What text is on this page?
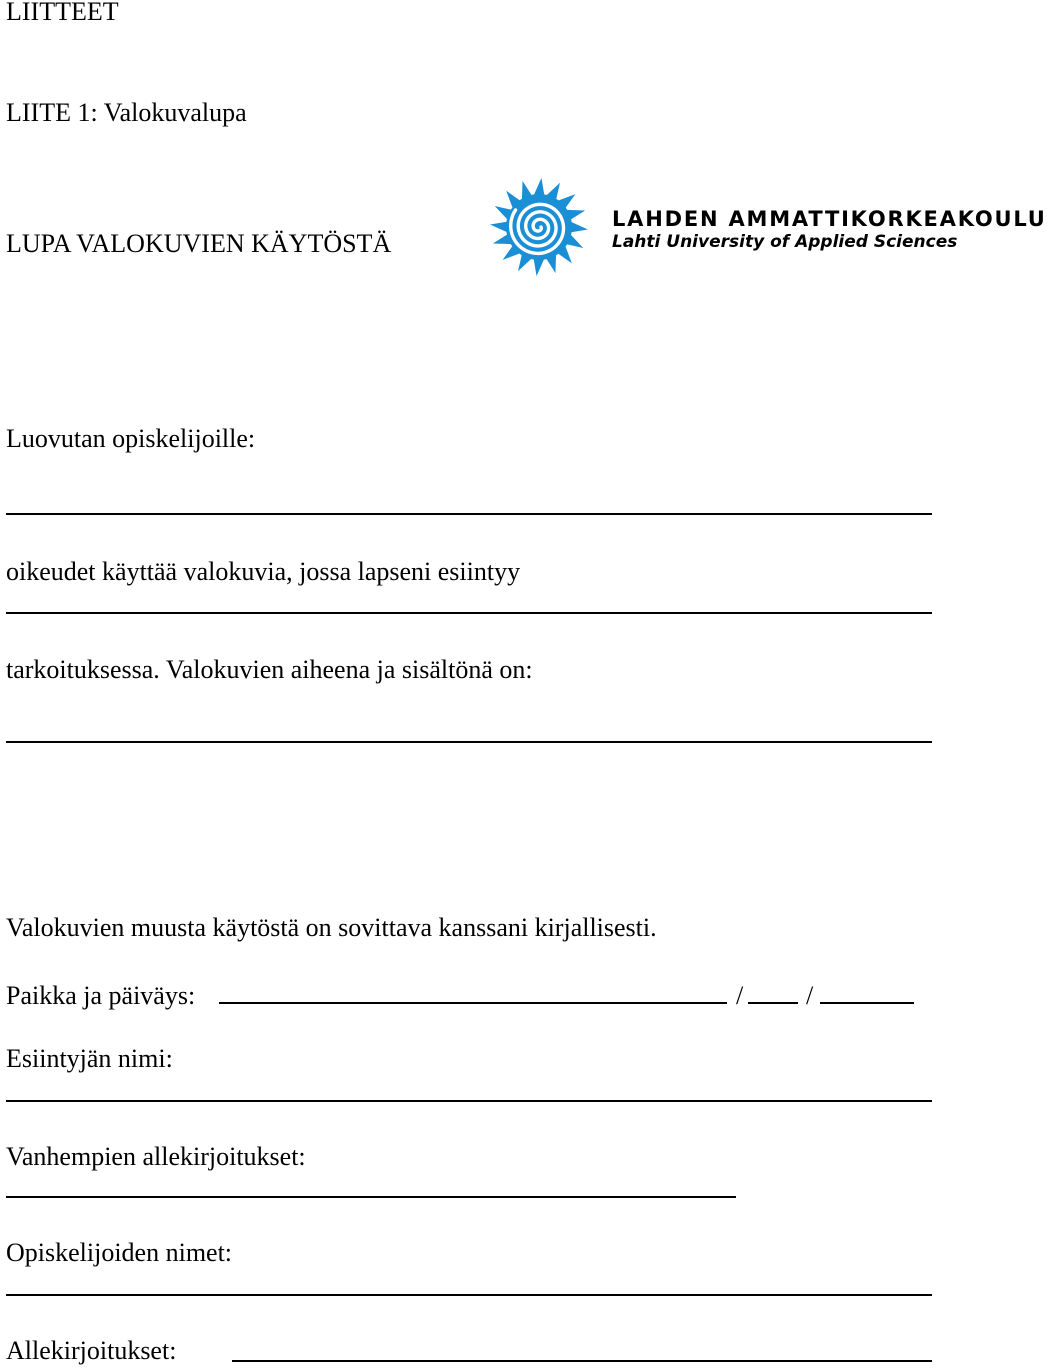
LIITTEET
LIITE 1: Valokuvalupa
LUPA VALOKUVIEN KÄYTÖSTÄ
LAHDEN AMMATTIKORKEAKOULU
Lahti University of Applied Sciences
Luovutan opiskelijoille:
oikeudet käyttää valokuvia, jossa lapseni esiintyy
tarkoituksessa. Valokuvien aiheena ja sisältönä on:
Valokuvien muusta käytöstä on sovittava kanssani kirjallisesti.
Paikka ja päiväys:	/ /
Esiintyjän nimi:
Vanhempien allekirjoitukset:
Opiskelijoiden nimet:
Allekirjoitukset:
